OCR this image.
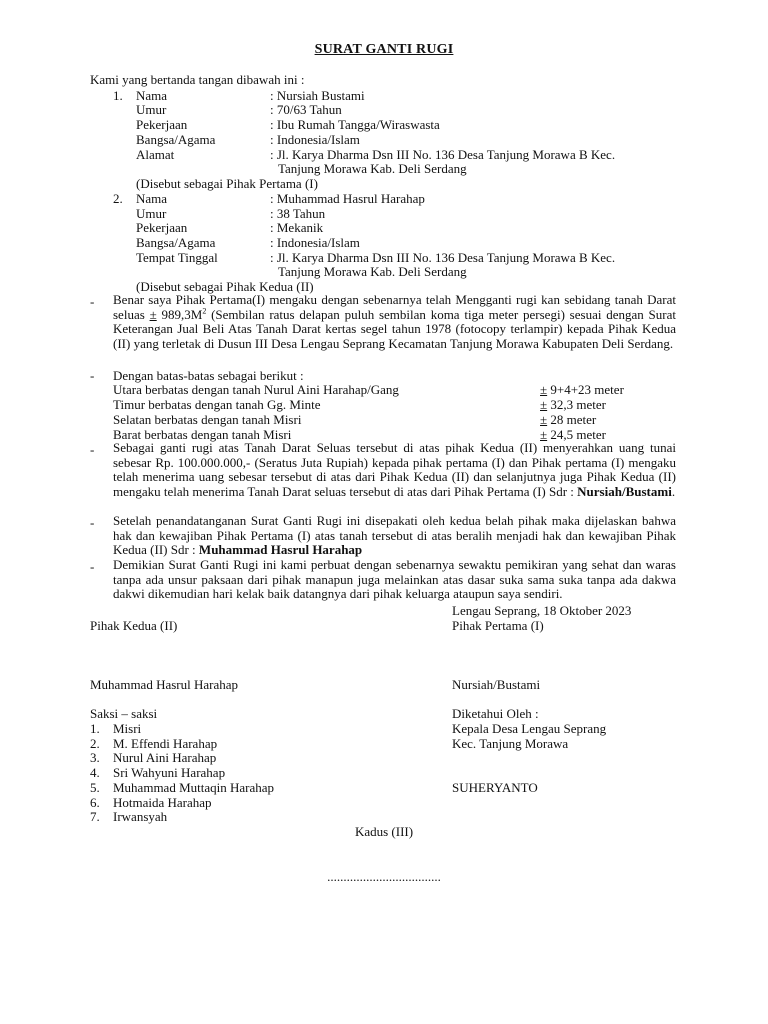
SURAT GANTI RUGI
Kami yang bertanda tangan dibawah ini :
1. Nama	: Nursiah Bustami
Umur	: 70/63 Tahun
Pekerjaan	: Ibu Rumah Tangga/Wiraswasta
Bangsa/Agama	: Indonesia/Islam
Alamat	: Jl. Karya Dharma Dsn III No. 136 Desa Tanjung Morawa B Kec.
Tanjung Morawa Kab. Deli Serdang
(Disebut sebagai Pihak Pertama (I)
2. Nama	: Muhammad Hasrul Harahap
Umur	: 38 Tahun
Pekerjaan	: Mekanik
Bangsa/Agama	: Indonesia/Islam
Tempat Tinggal	: Jl. Karya Dharma Dsn III No. 136 Desa Tanjung Morawa B Kec.
Tanjung Morawa Kab. Deli Serdang
(Disebut sebagai Pihak Kedua (II)
- Benar saya Pihak Pertama(I) mengaku dengan sebenarnya telah Mengganti rugi kan sebidang tanah Darat seluas ± $989,3M^2$ (Sembilan ratus delapan puluh sembilan koma tiga meter persegi) sesuai dengan Surat Keterangan Jual Beli Atas Tanah Darat kertas segel tahun 1978 (fotocopy terlampir) kepada Pihak Kedua (II) yang terletak di Dusun III Desa Lengau Seprang Kecamatan Tanjung Morawa Kabupaten Deli Serdang.
- Dengan batas-batas sebagai berikut :
Utara berbatas dengan tanah Nurul Aini Harahap/Gang	± 9+4+23 meter
Timur berbatas dengan tanah Gg. Minte	± 32,3 meter
Selatan berbatas dengan tanah Misri	± 28 meter
Barat berbatas dengan tanah Misri	± 24,5 meter
- Sebagai ganti rugi atas Tanah Darat Seluas tersebut di atas pihak Kedua (II) menyerahkan uang tunai sebesar Rp. 100.000.000,- (Seratus Juta Rupiah) kepada pihak pertama (I) dan Pihak pertama (I) mengaku telah menerima uang sebesar tersebut di atas dari Pihak Kedua (II) dan selanjutnya juga Pihak Kedua (II) mengaku telah menerima Tanah Darat seluas tersebut di atas dari Pihak Pertama (I) Sdr : Nursiah/Bustami.
- Setelah penandatanganan Surat Ganti Rugi ini disepakati oleh kedua belah pihak maka dijelaskan bahwa hak dan kewajiban Pihak Pertama (I) atas tanah tersebut di atas beralih menjadi hak dan kewajiban Pihak Kedua (II) Sdr : Muhammad Hasrul Harahap
- Demikian Surat Ganti Rugi ini kami perbuat dengan sebenarnya sewaktu pemikiran yang sehat dan waras tanpa ada unsur paksaan dari pihak manapun juga melainkan atas dasar suka sama suka tanpa ada dakwa dakwi dikemudian hari kelak baik datangnya dari pihak keluarga ataupun saya sendiri.
Lengau Seprang, 18 Oktober 2023
Pihak Kedua (II)	Pihak Pertama (I)
Muhammad Hasrul Harahap	Nursiah/Bustami
Saksi – saksi
1. Misri
2. M. Effendi Harahap
3. Nurul Aini Harahap
4. Sri Wahyuni Harahap
5. Muhammad Muttaqin Harahap
6. Hotmaida Harahap
7. Irwansyah
Diketahui Oleh :
Kepala Desa Lengau Seprang
Kec. Tanjung Morawa
SUHERYANTO
Kadus (III)
...................................
